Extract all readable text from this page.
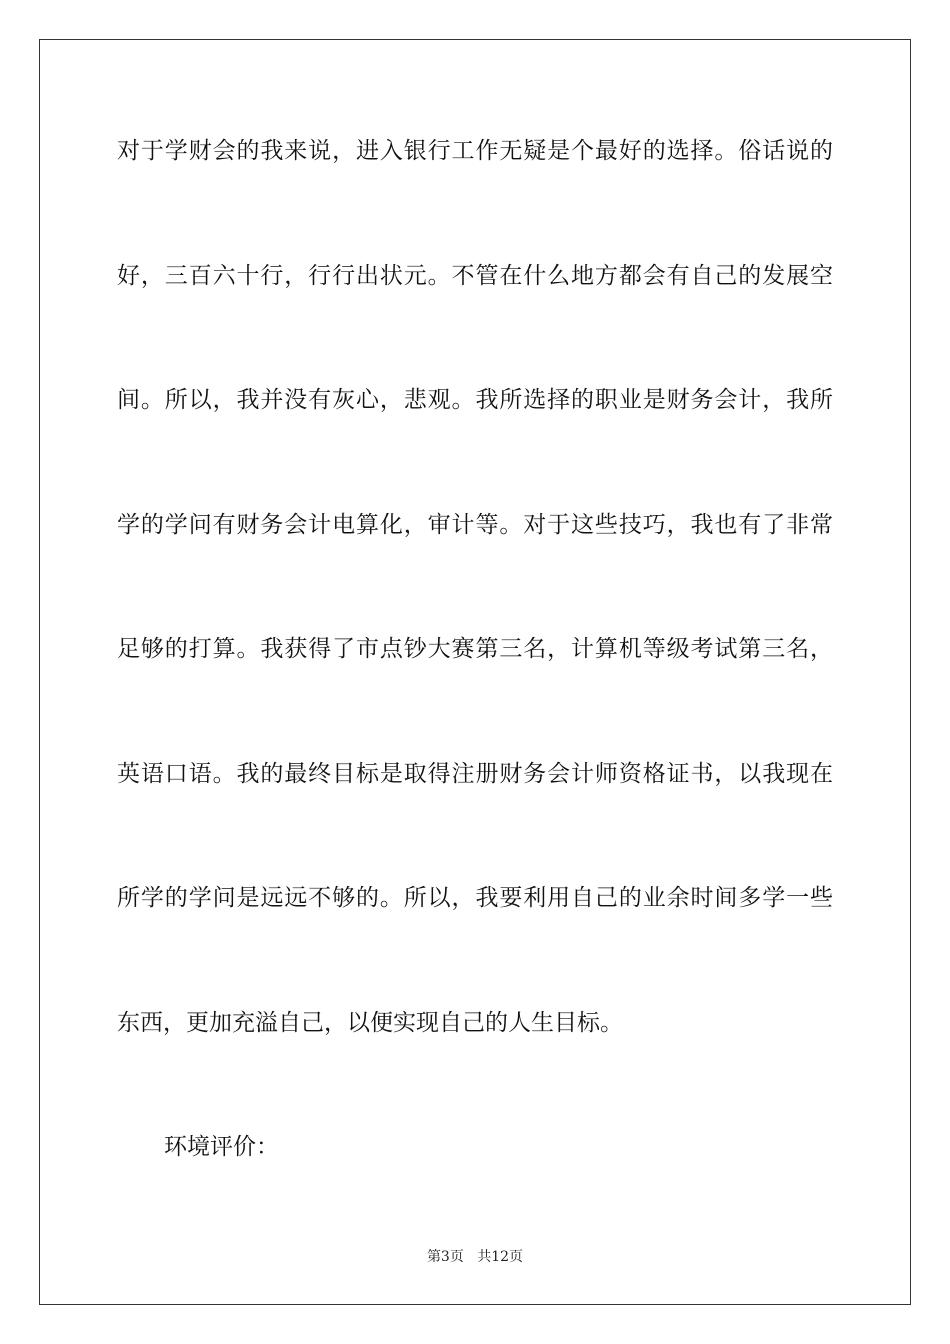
对于学财会的我来说，进入银行工作无疑是个最好的选择。俗话说的
好，三百六十行，行行出状元。不管在什么地方都会有自己的发展空
间。所以，我并没有灰心，悲观。我所选择的职业是财务会计，我所
学的学问有财务会计电算化，审计等。对于这些技巧，我也有了非常
足够的打算。我获得了市点钞大赛第三名，计算机等级考试第三名，
英语口语。我的最终目标是取得注册财务会计师资格证书，以我现在
所学的学问是远远不够的。所以，我要利用自己的业余时间多学一些
东西，更加充溢自己，以便实现自己的人生目标。
环境评价：
第3页 共12页
